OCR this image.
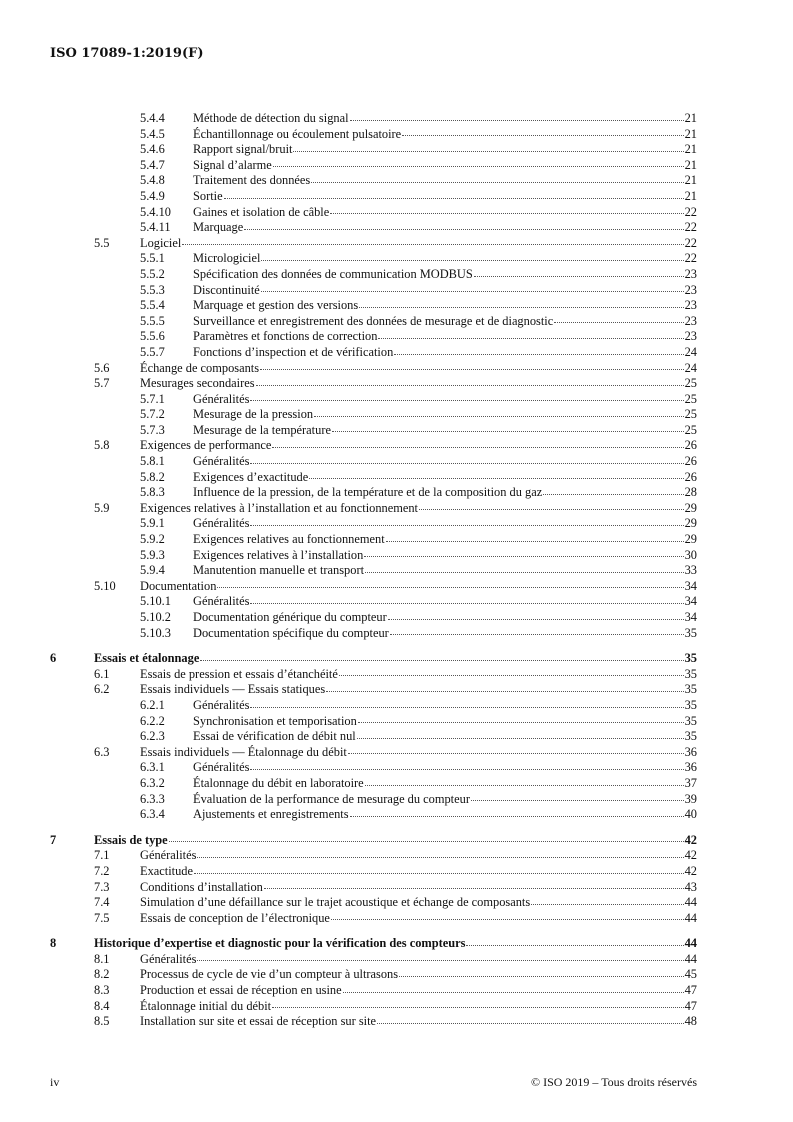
ISO 17089-1:2019(F)
5.4.4 Méthode de détection du signal	21
5.4.5 Échantillonnage ou écoulement pulsatoire	21
5.4.6 Rapport signal/bruit	21
5.4.7 Signal d’alarme	21
5.4.8 Traitement des données	21
5.4.9 Sortie	21
5.4.10 Gaines et isolation de câble	22
5.4.11 Marquage	22
5.5 Logiciel	22
5.5.1 Micrologiciel	22
5.5.2 Spécification des données de communication MODBUS	23
5.5.3 Discontinuité	23
5.5.4 Marquage et gestion des versions	23
5.5.5 Surveillance et enregistrement des données de mesurage et de diagnostic	23
5.5.6 Paramètres et fonctions de correction	23
5.5.7 Fonctions d’inspection et de vérification	24
5.6 Échange de composants	24
5.7 Mesurages secondaires	25
5.7.1 Généralités	25
5.7.2 Mesurage de la pression	25
5.7.3 Mesurage de la température	25
5.8 Exigences de performance	26
5.8.1 Généralités	26
5.8.2 Exigences d’exactitude	26
5.8.3 Influence de la pression, de la température et de la composition du gaz	28
5.9 Exigences relatives à l’installation et au fonctionnement	29
5.9.1 Généralités	29
5.9.2 Exigences relatives au fonctionnement	29
5.9.3 Exigences relatives à l’installation	30
5.9.4 Manutention manuelle et transport	33
5.10 Documentation	34
5.10.1 Généralités	34
5.10.2 Documentation générique du compteur	34
5.10.3 Documentation spécifique du compteur	35
6	Essais et étalonnage	35
6.1 Essais de pression et essais d’étanchéité	35
6.2 Essais individuels — Essais statiques	35
6.2.1 Généralités	35
6.2.2 Synchronisation et temporisation	35
6.2.3 Essai de vérification de débit nul	35
6.3 Essais individuels — Étalonnage du débit	36
6.3.1 Généralités	36
6.3.2 Étalonnage du débit en laboratoire	37
6.3.3 Évaluation de la performance de mesurage du compteur	39
6.3.4 Ajustements et enregistrements	40
7	Essais de type	42
7.1 Généralités	42
7.2 Exactitude	42
7.3 Conditions d’installation	43
7.4 Simulation d’une défaillance sur le trajet acoustique et échange de composants	44
7.5 Essais de conception de l’électronique	44
8	Historique d’expertise et diagnostic pour la vérification des compteurs	44
8.1 Généralités	44
8.2 Processus de cycle de vie d’un compteur à ultrasons	45
8.3 Production et essai de réception en usine	47
8.4 Étalonnage initial du débit	47
8.5 Installation sur site et essai de réception sur site	48
iv	© ISO 2019 – Tous droits réservés
